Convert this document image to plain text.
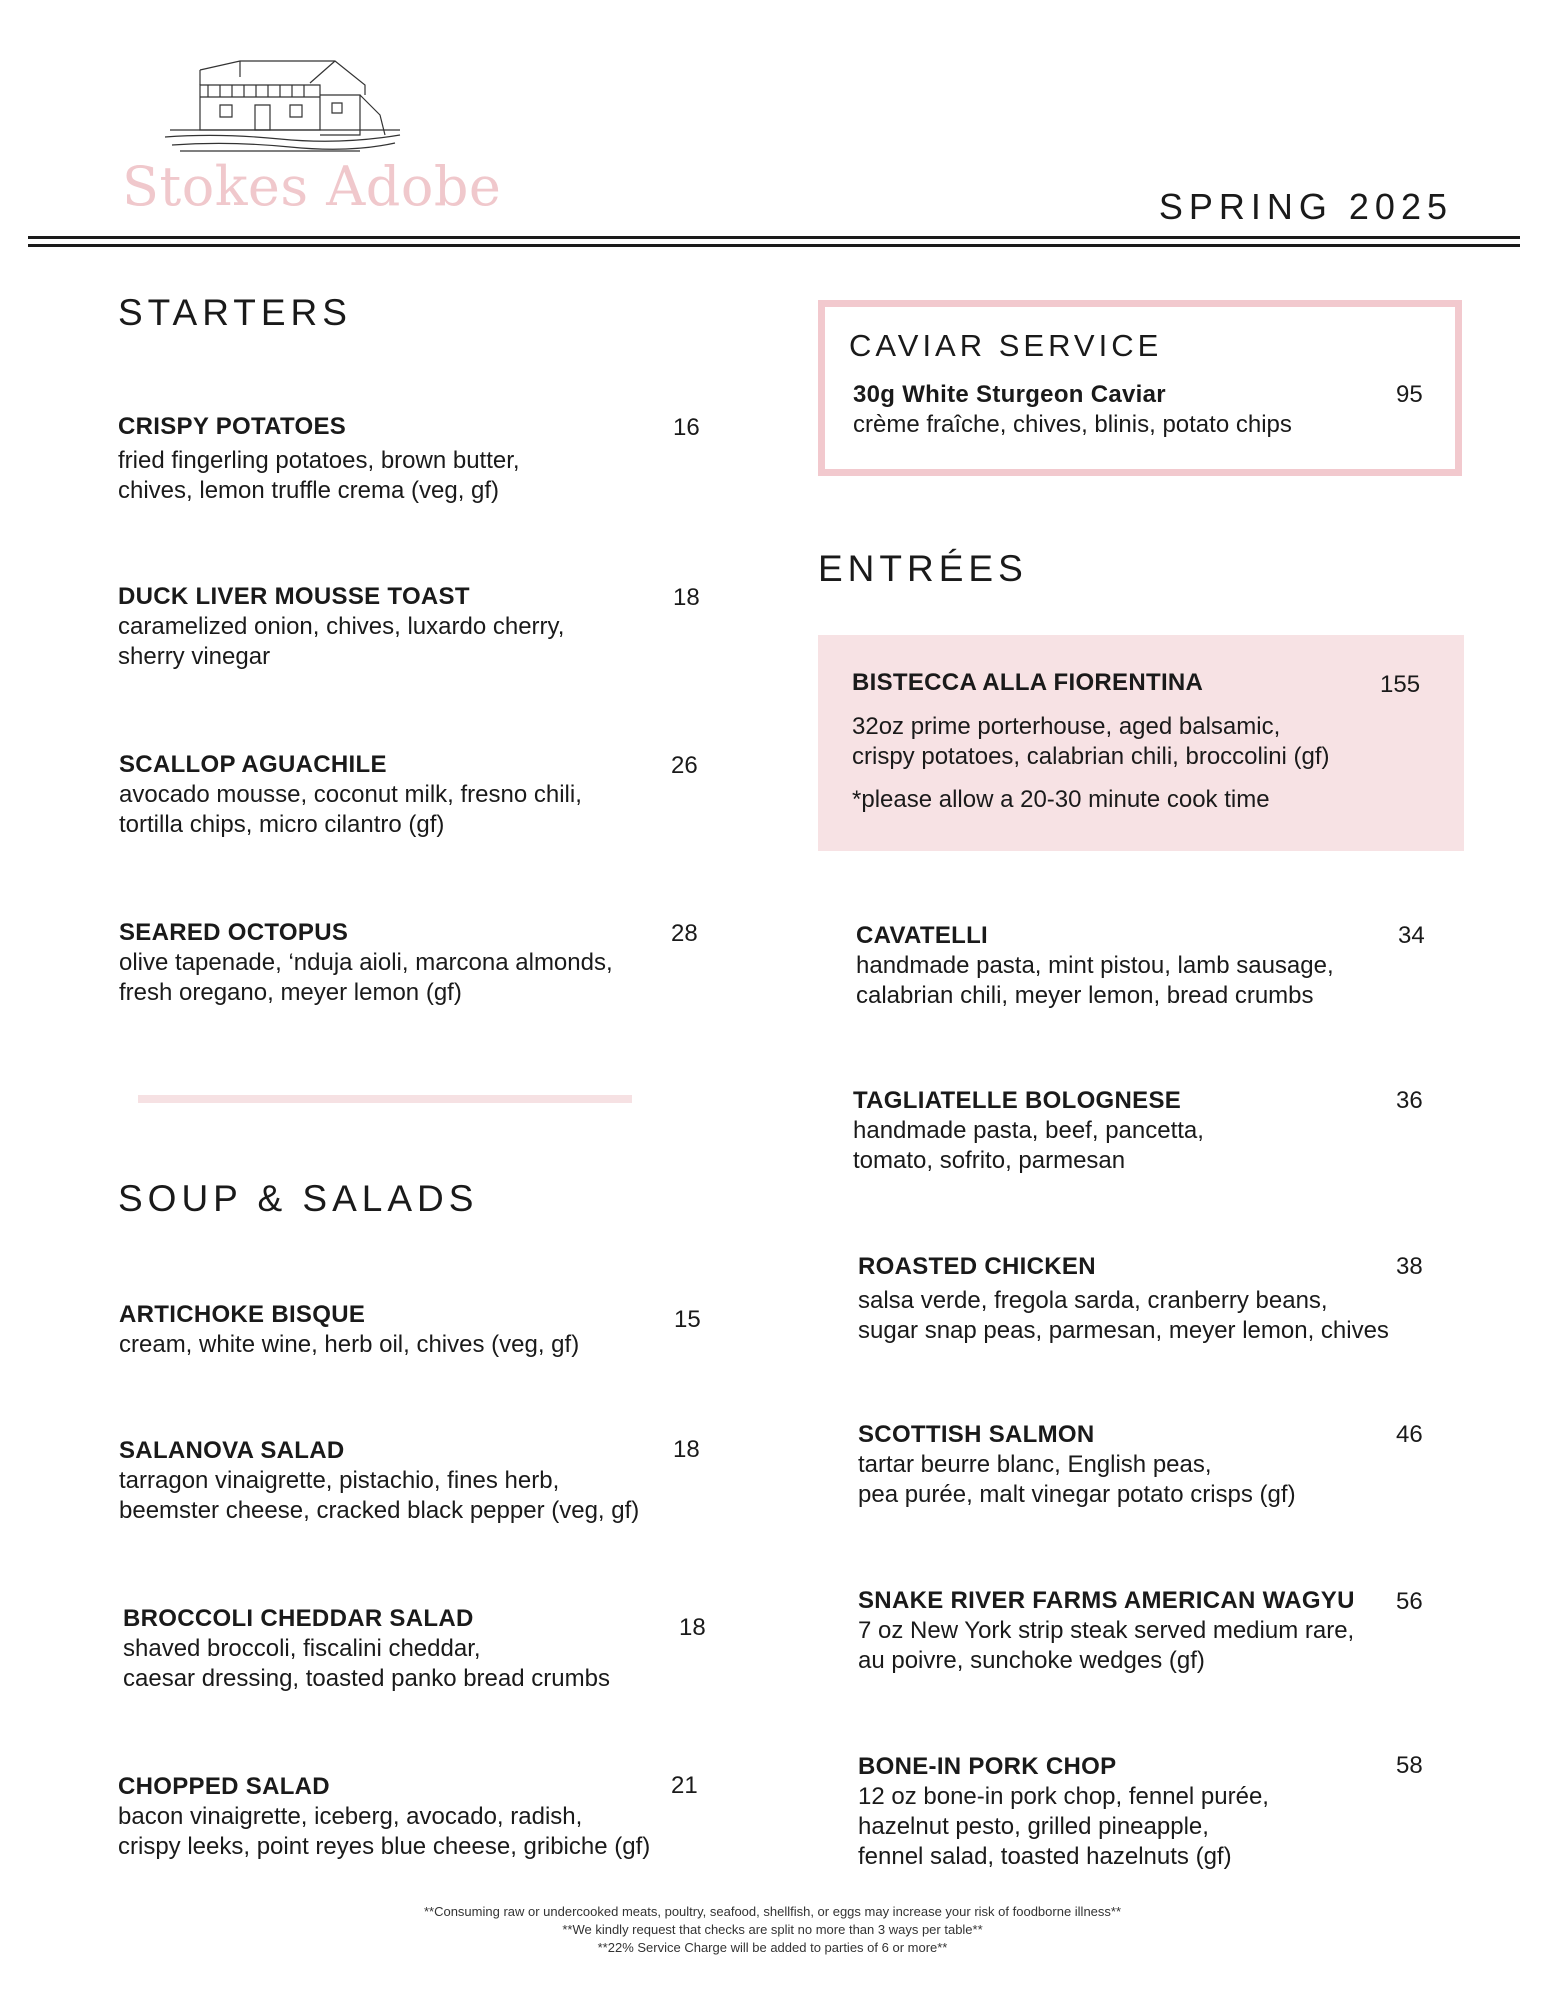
Stokes Adobe	SPRING 2025
STARTERS
CRISPY POTATOES
fried fingerling potatoes, brown butter,
chives, lemon truffle crema (veg, gf)
16
DUCK LIVER MOUSSE TOAST
caramelized onion, chives, luxardo cherry,
sherry vinegar
18
SCALLOP AGUACHILE
avocado mousse, coconut milk, fresno chili,
tortilla chips, micro cilantro (gf)
26
SEARED OCTOPUS
olive tapenade, ‘nduja aioli, marcona almonds,
fresh oregano, meyer lemon (gf)
28
SOUP & SALADS
ARTICHOKE BISQUE
cream, white wine, herb oil, chives (veg, gf)
15
SALANOVA SALAD
tarragon vinaigrette, pistachio, fines herb,
beemster cheese, cracked black pepper (veg, gf)
18
BROCCOLI CHEDDAR SALAD
shaved broccoli, fiscalini cheddar,
caesar dressing, toasted panko bread crumbs
18
CHOPPED SALAD
bacon vinaigrette, iceberg, avocado, radish,
crispy leeks, point reyes blue cheese, gribiche (gf)
21
CAVIAR SERVICE
30g White Sturgeon Caviar	95
crème fraîche, chives, blinis, potato chips
ENTRÉES
BISTECCA ALLA FIORENTINA
32oz prime porterhouse, aged balsamic,
crispy potatoes, calabrian chili, broccolini (gf)
*please allow a 20-30 minute cook time
155
CAVATELLI
handmade pasta, mint pistou, lamb sausage,
calabrian chili, meyer lemon, bread crumbs
34
TAGLIATELLE BOLOGNESE
handmade pasta, beef, pancetta,
tomato, sofrito, parmesan
36
ROASTED CHICKEN
salsa verde, fregola sarda, cranberry beans,
sugar snap peas, parmesan, meyer lemon, chives
38
SCOTTISH SALMON
tartar beurre blanc, English peas,
pea purée, malt vinegar potato crisps (gf)
46
SNAKE RIVER FARMS AMERICAN WAGYU
7 oz New York strip steak served medium rare,
au poivre, sunchoke wedges (gf)
56
BONE-IN PORK CHOP
12 oz bone-in pork chop, fennel purée,
hazelnut pesto, grilled pineapple,
fennel salad, toasted hazelnuts (gf)
58
**Consuming raw or undercooked meats, poultry, seafood, shellfish, or eggs may increase your risk of foodborne illness**
**We kindly request that checks are split no more than 3 ways per table**
**22% Service Charge will be added to parties of 6 or more**
